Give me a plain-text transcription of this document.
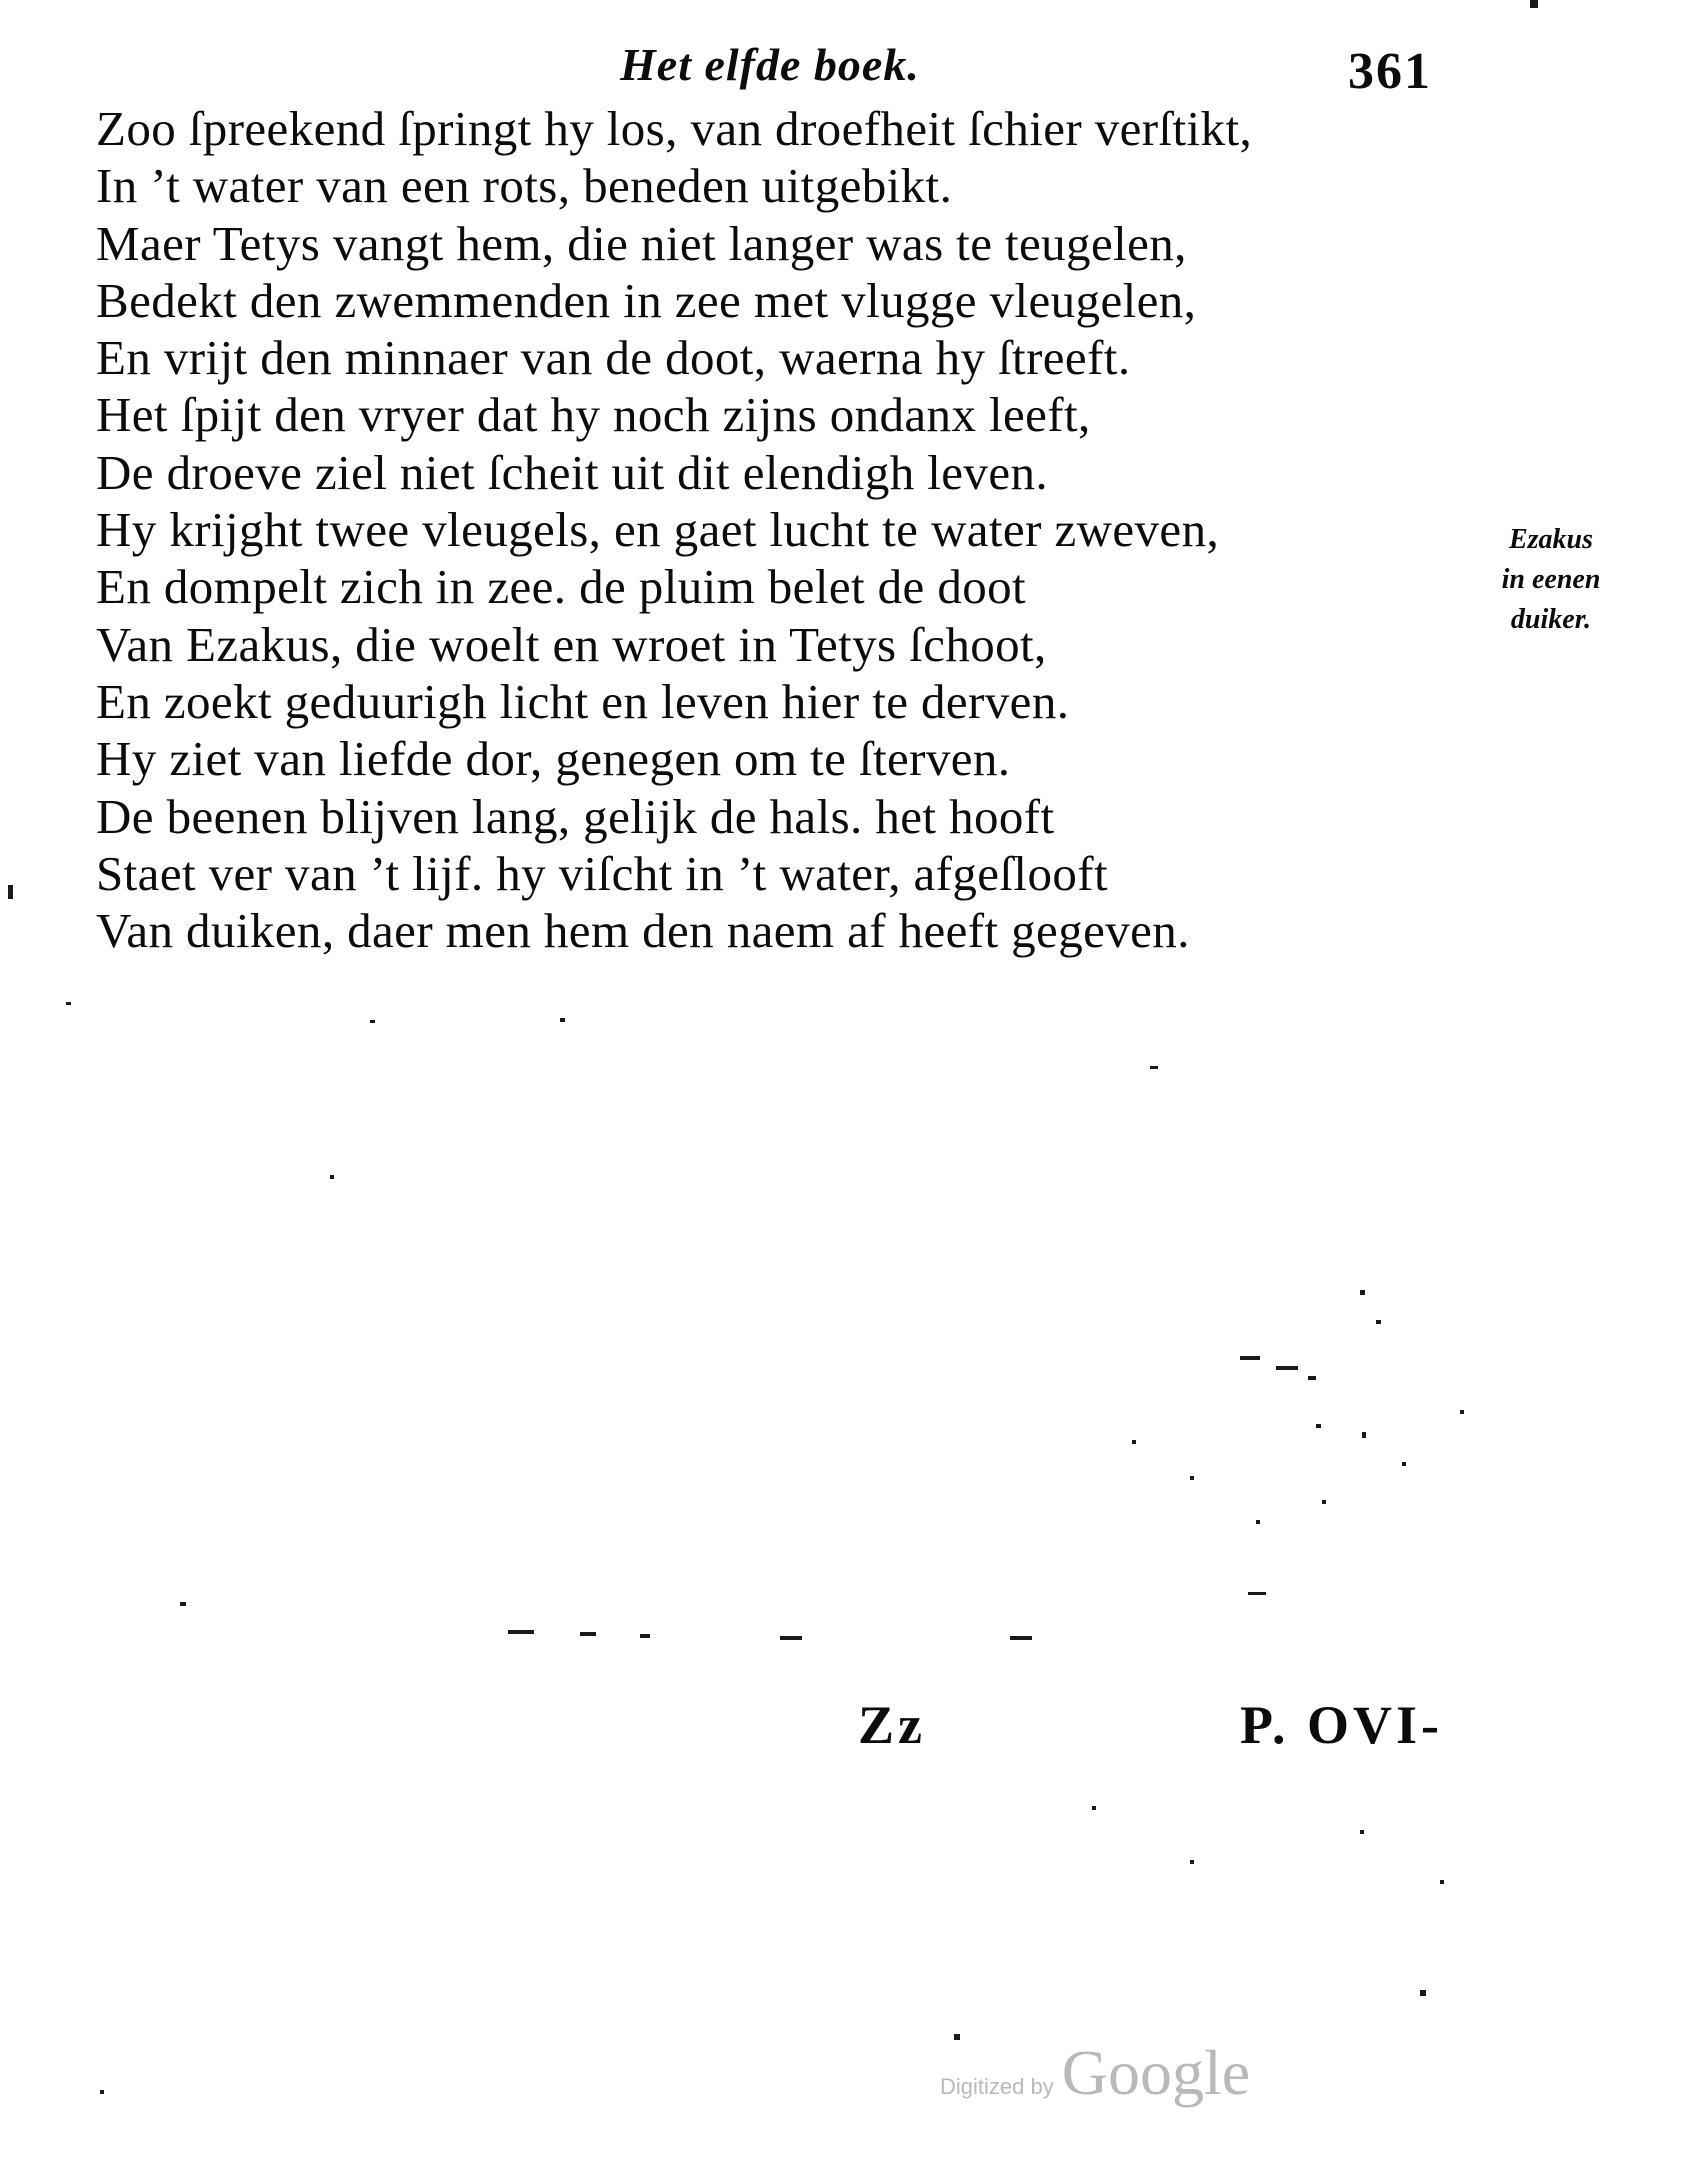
Het elfde boek.	361
Zoo ſpreekend ſpringt hy los, van droefheit ſchier verſtikt,
In ’t water van een rots, beneden uitgebikt.
Maer Tetys vangt hem, die niet langer was te teugelen,
Bedekt den zwemmenden in zee met vlugge vleugelen,
En vrijt den minnaer van de doot, waerna hy ſtreeft.
Het ſpijt den vryer dat hy noch zijns ondanx leeft,
De droeve ziel niet ſcheit uit dit elendigh leven.
Hy krijght twee vleugels, en gaet lucht te water zweven,
En dompelt zich in zee. de pluim belet de doot
Van Ezakus, die woelt en wroet in Tetys ſchoot,
En zoekt geduurigh licht en leven hier te derven.
Hy ziet van liefde dor, genegen om te ſterven.
De beenen blijven lang, gelijk de hals. het hooft
Staet ver van ’t lijf. hy viſcht in ’t water, afgeſlooft
Van duiken, daer men hem den naem af heeft gegeven.
Ezakus
in eenen
duiker.
Zz	P. OVI-
Digitized by Google
